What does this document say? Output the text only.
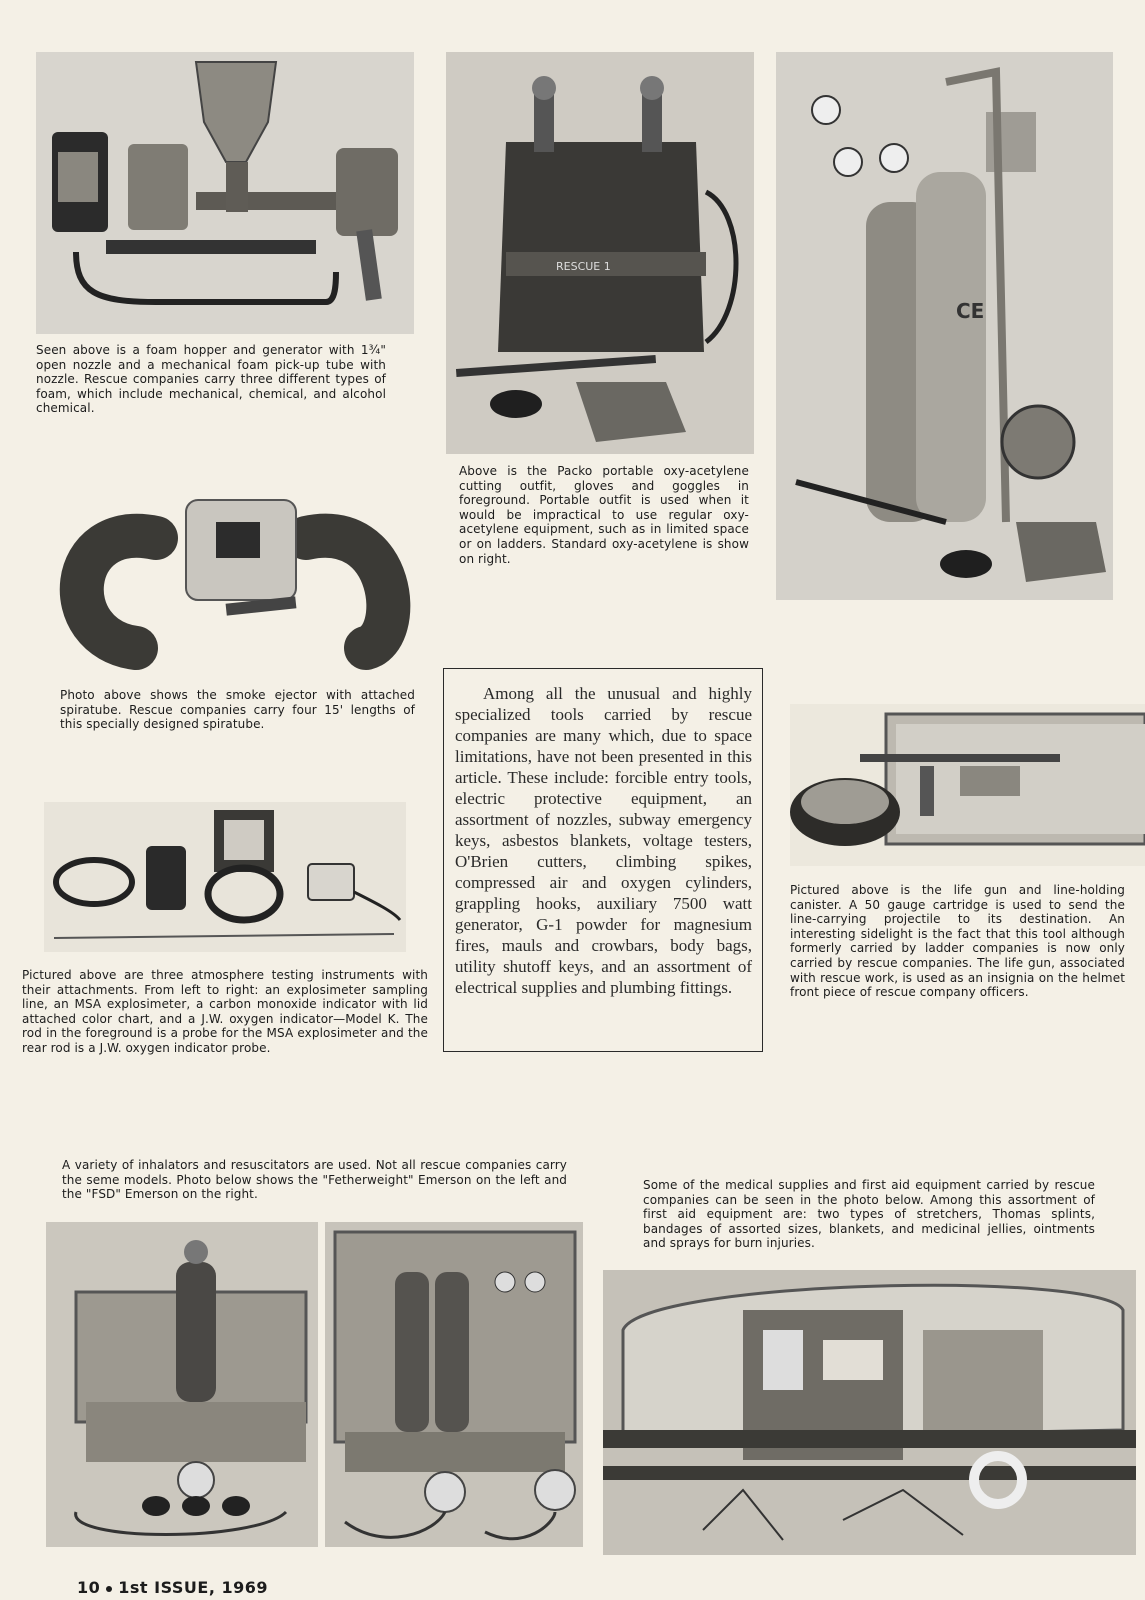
RESCUE 1
CE

Seen above is a foam hopper and generator with 1¾" open nozzle and a mechanical foam pick-up tube with nozzle. Rescue companies carry three different types of foam, which include mechanical, chemical, and alcohol chemical.

Above is the Packo portable oxy-acetylene cutting outfit, gloves and goggles in foreground. Portable outfit is used when it would be impractical to use regular oxy-acetylene equipment, such as in limited space or on ladders. Standard oxy-acetylene is show on right.

Photo above shows the smoke ejector with attached spiratube. Rescue companies carry four 15' lengths of this specially designed spiratube.

Among all the unusual and highly specialized tools carried by rescue companies are many which, due to space limitations, have not been presented in this article. These include: forcible entry tools, electric protective equipment, an assortment of nozzles, subway emergency keys, asbestos blankets, voltage testers, O'Brien cutters, climbing spikes, compressed air and oxygen cylinders, grappling hooks, auxiliary 7500 watt generator, G-1 powder for magnesium fires, mauls and crowbars, body bags, utility shutoff keys, and an assortment of electrical supplies and plumbing fittings.

Pictured above is the life gun and line-holding canister. A 50 gauge cartridge is used to send the line-carrying projectile to its destination. An interesting sidelight is the fact that this tool although formerly carried by ladder companies is now only carried by rescue companies. The life gun, associated with rescue work, is used as an insignia on the helmet front piece of rescue company officers.

Pictured above are three atmosphere testing instruments with their attachments. From left to right: an explosimeter sampling line, an MSA explosimeter, a carbon monoxide indicator with lid attached color chart, and a J.W. oxygen indicator—Model K. The rod in the foreground is a probe for the MSA explosimeter and the rear rod is a J.W. oxygen indicator probe.

A variety of inhalators and resuscitators are used. Not all rescue companies carry the seme models. Photo below shows the "Fetherweight" Emerson on the left and the "FSD" Emerson on the right.

Some of the medical supplies and first aid equipment carried by rescue companies can be seen in the photo below. Among this assortment of first aid equipment are: two types of stretchers, Thomas splints, bandages of assorted sizes, blankets, and medicinal jellies, ointments and sprays for burn injuries.

10 1st ISSUE, 1969
